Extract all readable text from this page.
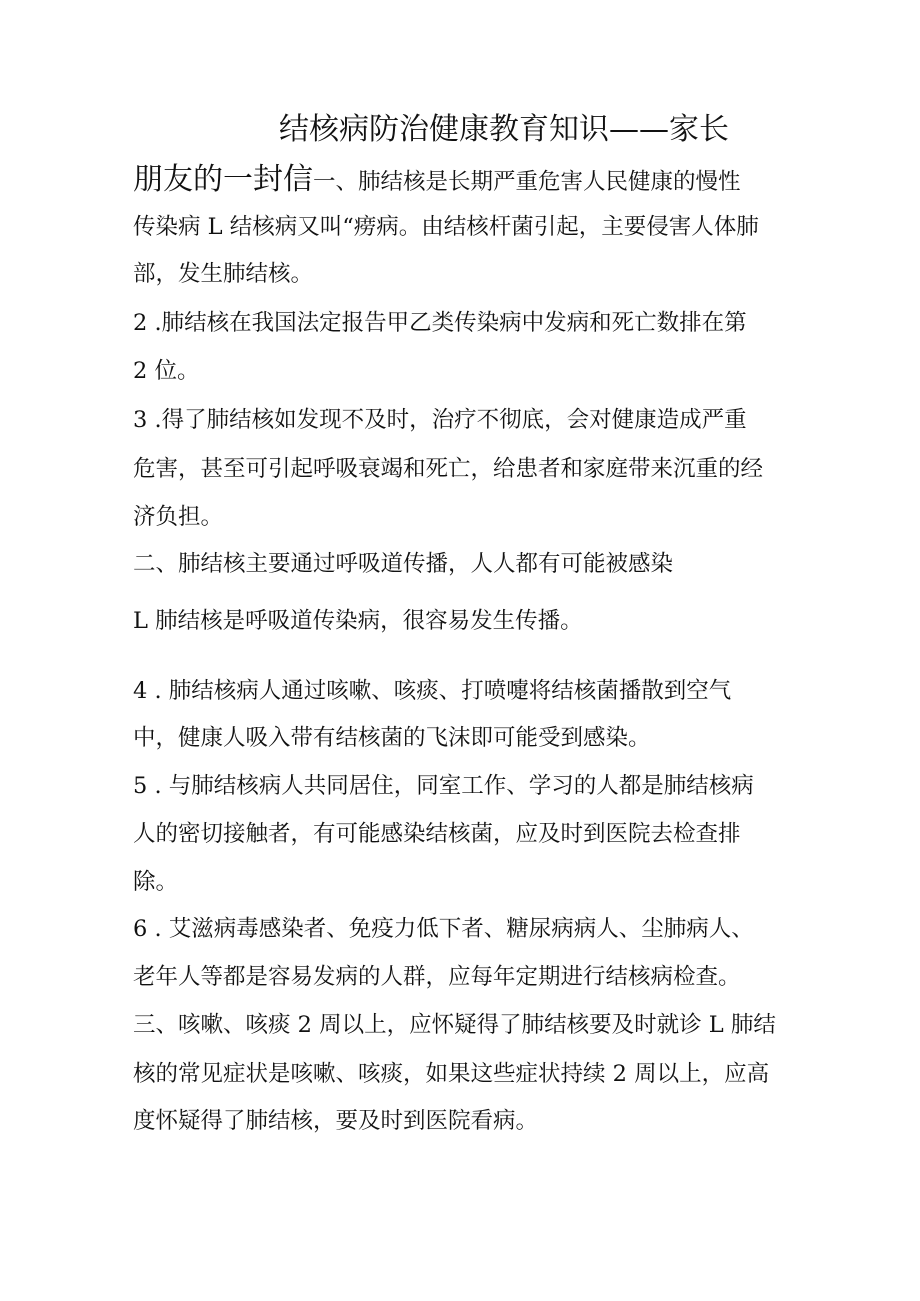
结核病防治健康教育知识——家长
朋友的一封信一、肺结核是长期严重危害人民健康的慢性
传染病 L 结核病又叫“痨病。由结核杆菌引起，主要侵害人体肺
部，发生肺结核。
2 .肺结核在我国法定报告甲乙类传染病中发病和死亡数排在第
2 位。
3 .得了肺结核如发现不及时，治疗不彻底，会对健康造成严重
危害，甚至可引起呼吸衰竭和死亡，给患者和家庭带来沉重的经
济负担。
二、肺结核主要通过呼吸道传播，人人都有可能被感染
L 肺结核是呼吸道传染病，很容易发生传播。
4 . 肺结核病人通过咳嗽、咳痰、打喷嚏将结核菌播散到空气
中，健康人吸入带有结核菌的飞沫即可能受到感染。
5 . 与肺结核病人共同居住，同室工作、学习的人都是肺结核病
人的密切接触者，有可能感染结核菌，应及时到医院去检查排
除。
6 . 艾滋病毒感染者、免疫力低下者、糖尿病病人、尘肺病人、
老年人等都是容易发病的人群，应每年定期进行结核病检查。
三、咳嗽、咳痰 2 周以上，应怀疑得了肺结核要及时就诊 L 肺结
核的常见症状是咳嗽、咳痰，如果这些症状持续 2 周以上，应高
度怀疑得了肺结核，要及时到医院看病。
